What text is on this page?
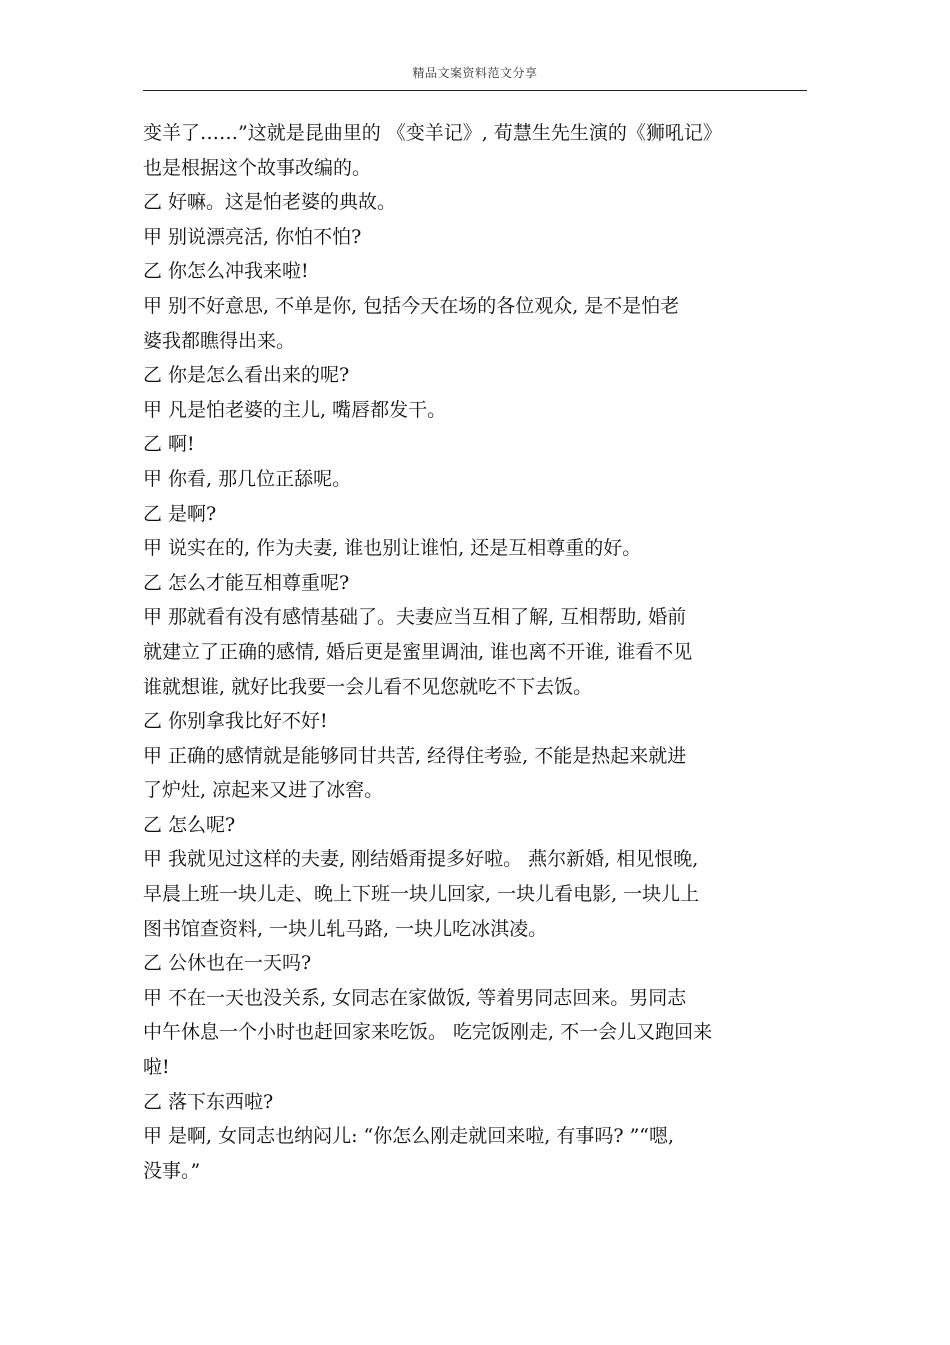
精品文案资料范文分享
变羊了……”这就是昆曲里的 《变羊记》, 荀慧生先生演的《狮吼记》
也是根据这个故事改编的。
乙 好嘛。这是怕老婆的典故。
甲 别说漂亮活, 你怕不怕?
乙 你怎么冲我来啦!
甲 别不好意思, 不单是你, 包括今天在场的各位观众, 是不是怕老
婆我都瞧得出来。
乙 你是怎么看出来的呢?
甲 凡是怕老婆的主儿, 嘴唇都发干。
乙 啊!
甲 你看, 那几位正舔呢。
乙 是啊?
甲 说实在的, 作为夫妻, 谁也别让谁怕, 还是互相尊重的好。
乙 怎么才能互相尊重呢?
甲 那就看有没有感情基础了。夫妻应当互相了解, 互相帮助, 婚前
就建立了正确的感情, 婚后更是蜜里调油, 谁也离不开谁, 谁看不见
谁就想谁, 就好比我要一会儿看不见您就吃不下去饭。
乙 你别拿我比好不好!
甲 正确的感情就是能够同甘共苦, 经得住考验, 不能是热起来就进
了炉灶, 凉起来又进了冰窖。
乙 怎么呢?
甲 我就见过这样的夫妻, 刚结婚甭提多好啦。 燕尔新婚, 相见恨晚,
早晨上班一块儿走、晚上下班一块儿回家, 一块儿看电影, 一块儿上
图书馆查资料, 一块儿轧马路, 一块儿吃冰淇凌。
乙 公休也在一天吗?
甲 不在一天也没关系, 女同志在家做饭, 等着男同志回来。男同志
中午休息一个小时也赶回家来吃饭。 吃完饭刚走, 不一会儿又跑回来
啦!
乙 落下东西啦?
甲 是啊, 女同志也纳闷儿: “你怎么刚走就回来啦, 有事吗? ”“嗯,
没事。”
